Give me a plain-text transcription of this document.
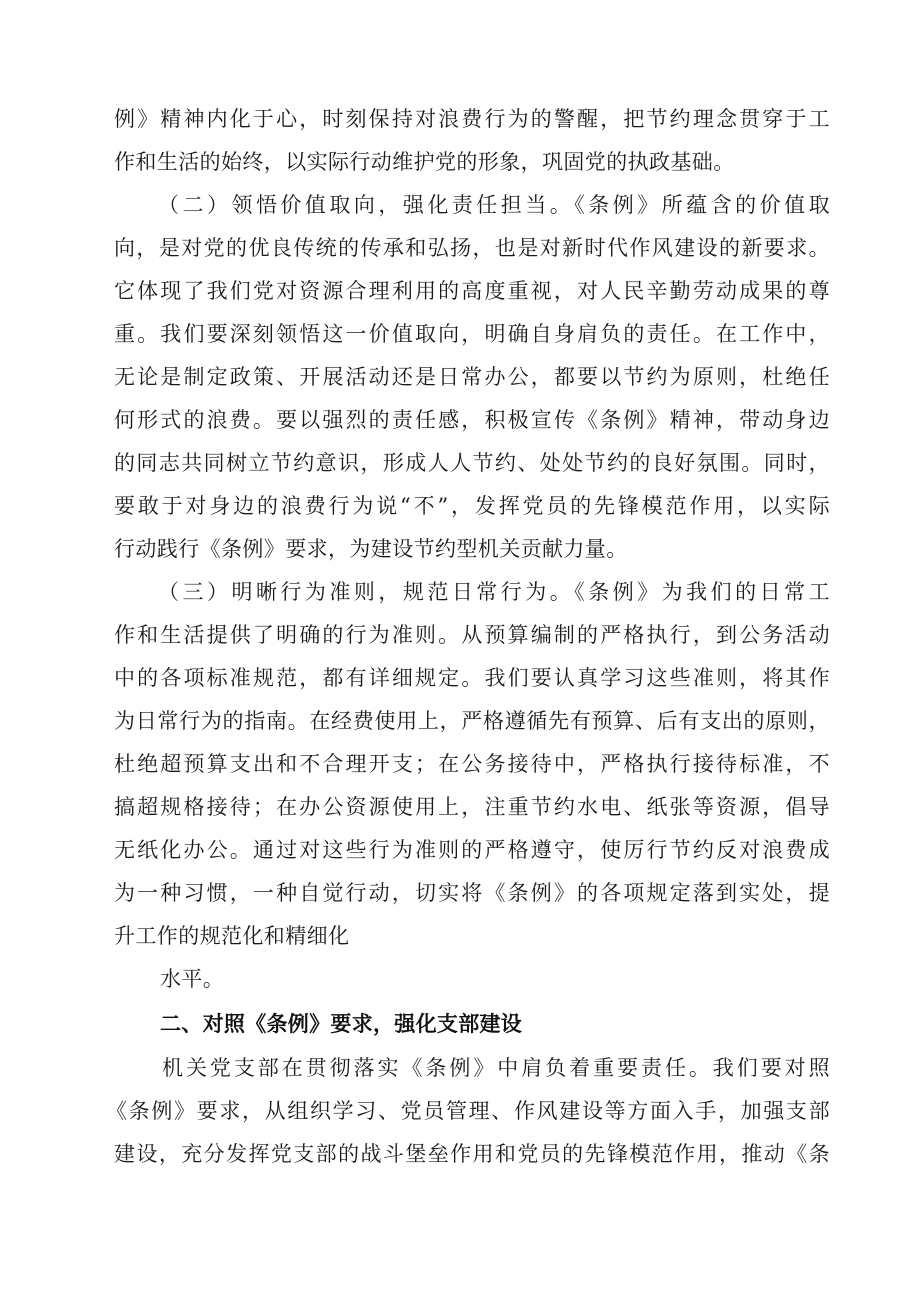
例》精神内化于心，时刻保持对浪费行为的警醒，把节约理念贯穿于工

作和生活的始终，以实际行动维护党的形象，巩固党的执政基础。

（二）领悟价值取向，强化责任担当。《条例》所蕴含的价值取

向，是对党的优良传统的传承和弘扬，也是对新时代作风建设的新要求。

它体现了我们党对资源合理利用的高度重视，对人民辛勤劳动成果的尊

重。我们要深刻领悟这一价值取向，明确自身肩负的责任。在工作中，

无论是制定政策、开展活动还是日常办公，都要以节约为原则，杜绝任

何形式的浪费。要以强烈的责任感，积极宣传《条例》精神，带动身边

的同志共同树立节约意识，形成人人节约、处处节约的良好氛围。同时，

要敢于对身边的浪费行为说“不”，发挥党员的先锋模范作用，以实际

行动践行《条例》要求，为建设节约型机关贡献力量。

（三）明晰行为准则，规范日常行为。《条例》为我们的日常工

作和生活提供了明确的行为准则。从预算编制的严格执行，到公务活动

中的各项标准规范，都有详细规定。我们要认真学习这些准则，将其作

为日常行为的指南。在经费使用上，严格遵循先有预算、后有支出的原则，

杜绝超预算支出和不合理开支；在公务接待中，严格执行接待标准，不

搞超规格接待；在办公资源使用上，注重节约水电、纸张等资源，倡导

无纸化办公。通过对这些行为准则的严格遵守，使厉行节约反对浪费成

为一种习惯，一种自觉行动，切实将《条例》的各项规定落到实处，提

升工作的规范化和精细化

水平。

二、对照《条例》要求，强化支部建设

机关党支部在贯彻落实《条例》中肩负着重要责任。我们要对照

《条例》要求，从组织学习、党员管理、作风建设等方面入手，加强支部

建设，充分发挥党支部的战斗堡垒作用和党员的先锋模范作用，推动《条
